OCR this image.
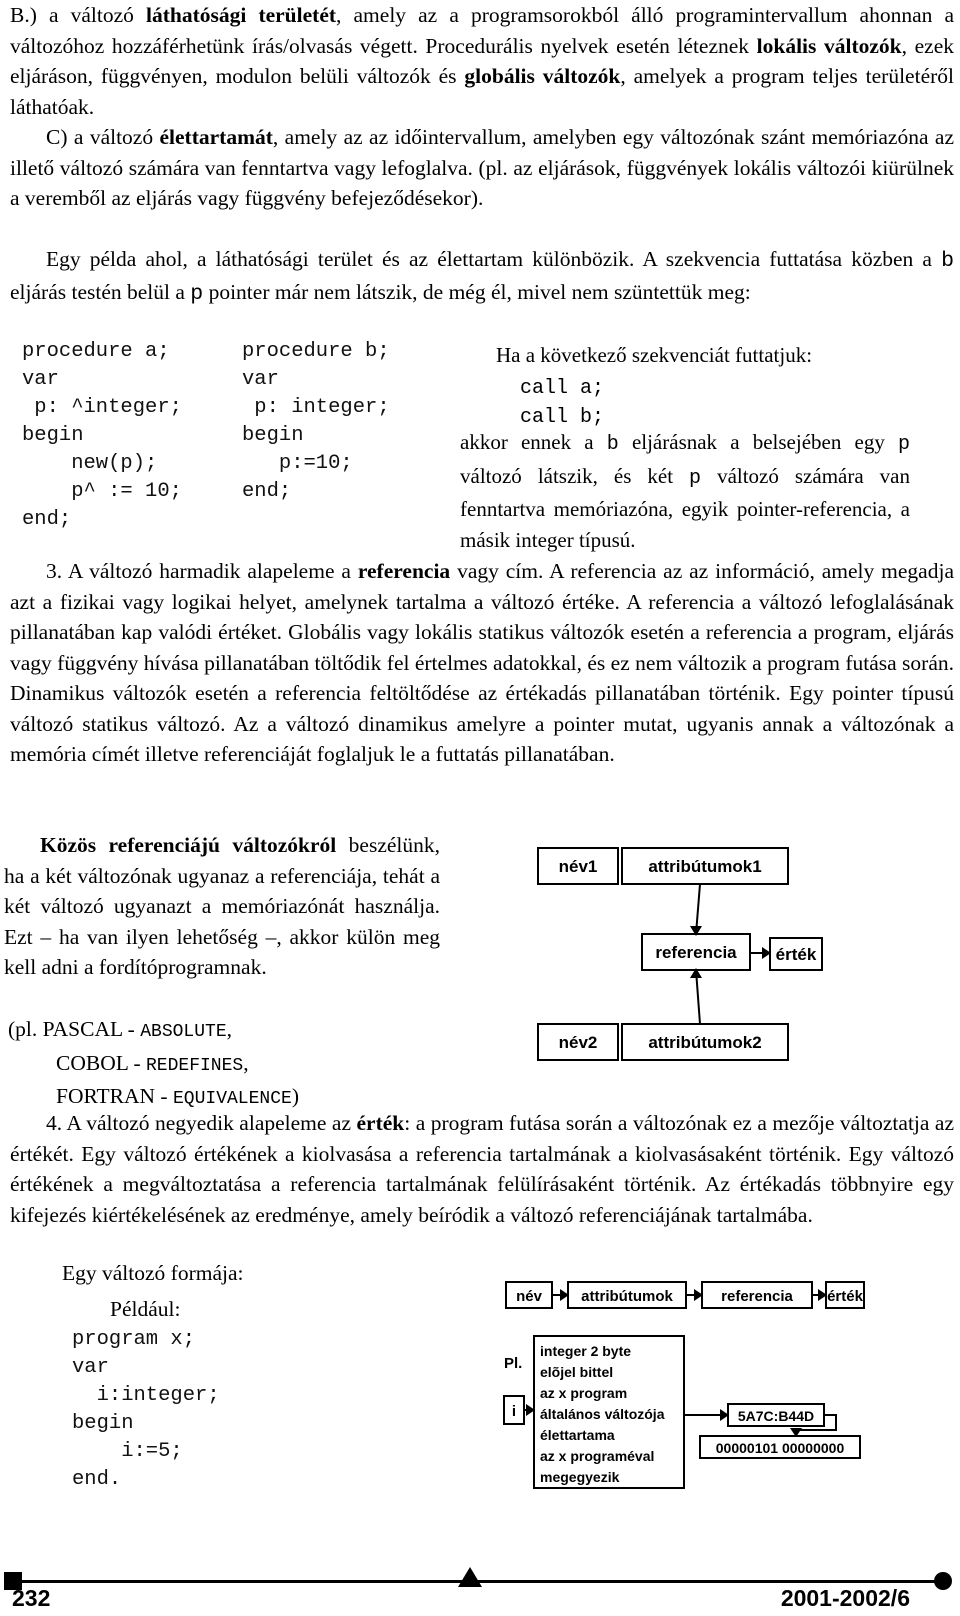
B.) a változó láthatósági területét, amely az a programsorokból álló programintervallum ahonnan a változóhoz hozzáférhetünk írás/olvasás végett. Procedurális nyelvek esetén léteznek lokális változók, ezek eljáráson, függvényen, modulon belüli változók és globális változók, amelyek a program teljes területéről láthatóak.

C) a változó élettartamát, amely az az időintervallum, amelyben egy változónak szánt memóriazóna az illető változó számára van fenntartva vagy lefoglalva. (pl. az eljárások, függvények lokális változói kiürülnek a veremből az eljárás vagy függvény befejeződésekor).

Egy példa ahol, a láthatósági terület és az élettartam különbözik. A szekvencia futtatása közben a b eljárás testén belül a p pointer már nem látszik, de még él, mivel nem szüntettük meg:

procedure a;
var
p: ^integer;
begin
new(p);
p^ := 10;
end;
procedure b;
var
p: integer;
begin
p:=10;
end;
Ha a következő szekvenciát futtatjuk:
call a;
call b;
akkor ennek a b eljárásnak a belsejében egy p változó látszik, és két p változó számára van fenntartva memóriazóna, egyik pointer-referencia, a másik integer típusú.

3. A változó harmadik alapeleme a referencia vagy cím. A referencia az az információ, amely megadja azt a fizikai vagy logikai helyet, amelynek tartalma a változó értéke. A referencia a változó lefoglalásának pillanatában kap valódi értéket. Globális vagy lokális statikus változók esetén a referencia a program, eljárás vagy függvény hívása pillanatában töltődik fel értelmes adatokkal, és ez nem változik a program futása során. Dinamikus változók esetén a referencia feltöltődése az értékadás pillanatában történik. Egy pointer típusú változó statikus változó. Az a változó dinamikus amelyre a pointer mutat, ugyanis annak a változónak a memória címét illetve referenciáját foglaljuk le a futtatás pillanatában.

Közös referenciájú változókról beszélünk, ha a két változónak ugyanaz a referenciája, tehát a két változó ugyanazt a memóriazónát használja. Ezt – ha van ilyen lehetőség –, akkor külön meg kell adni a fordítóprogramnak.

(pl. PASCAL - ABSOLUTE,
COBOL - REDEFINES,
FORTRAN - EQUIVALENCE)
név1	attribútumok1
referencia érték
név2	attribútumok2

4. A változó negyedik alapeleme az érték: a program futása során a változónak ez a mezője változtatja az értékét. Egy változó értékének a kiolvasása a referencia tartalmának a kiolvasásaként történik. Egy változó értékének a megváltoztatása a referencia tartalmának felülírásaként történik. Az értékadás többnyire egy kifejezés kiértékelésének az eredménye, amely beíródik a változó referenciájának tartalmába.

Egy változó formája:
Például:
program x;
var
i:integer;
begin
i:=5;
end.
név	attribútumok	referencia érték
Pl.
i
integer 2 byte
elõjel bittel
az x program
általános változója
élettartama
az x programéval
megegyezik
5A7C:B44D
00000101 00000000
232	2001-2002/6
